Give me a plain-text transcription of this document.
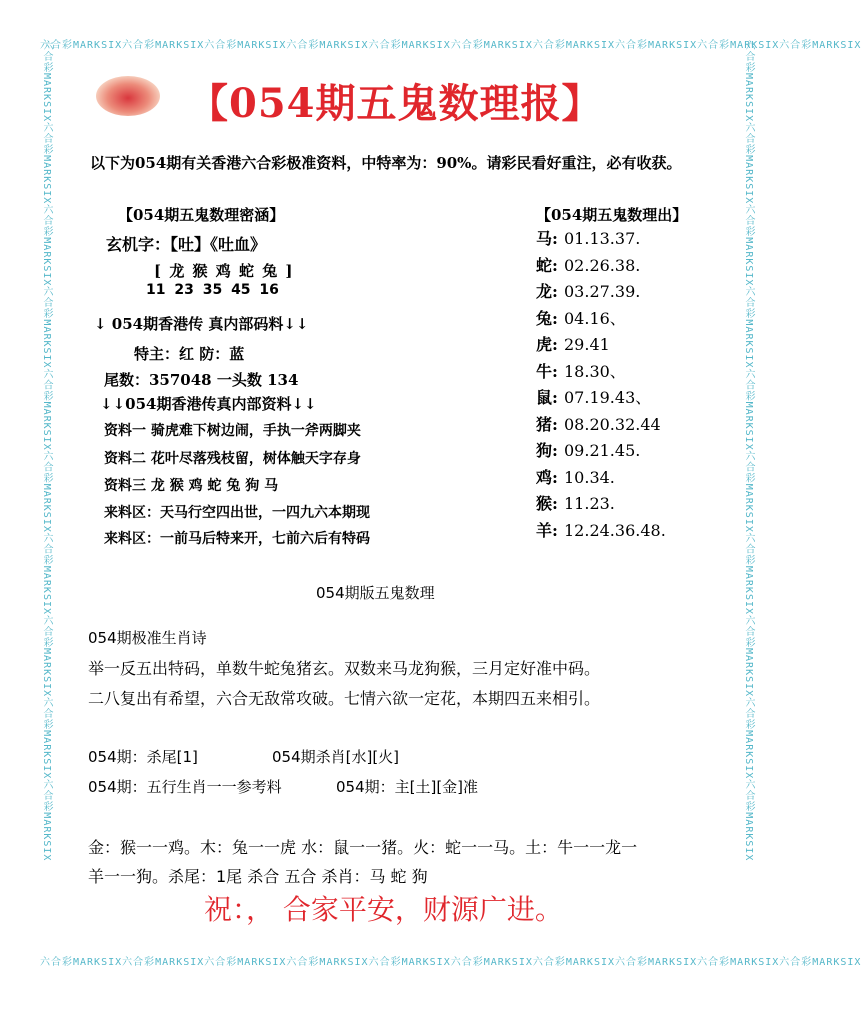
六合彩MARKSIX六合彩MARKSIX六合彩MARKSIX六合彩MARKSIX六合彩MARKSIX六合彩MARKSIX六合彩MARKSIX六合彩MARKSIX六合彩MARKSIX六合彩MARKSIX
六合彩MARKSIX六合彩MARKSIX六合彩MARKSIX六合彩MARKSIX六合彩MARKSIX六合彩MARKSIX六合彩MARKSIX六合彩MARKSIX六合彩MARKSIX六合彩MARKSIX
六合彩MARKSIX六合彩MARKSIX六合彩MARKSIX六合彩MARKSIX六合彩MARKSIX六合彩MARKSIX六合彩MARKSIX六合彩MARKSIX六合彩MARKSIX六合彩MARKSIX	六合彩MARKSIX六合彩MARKSIX六合彩MARKSIX六合彩MARKSIX六合彩MARKSIX六合彩MARKSIX六合彩MARKSIX六合彩MARKSIX六合彩MARKSIX六合彩MARKSIX
【054期五鬼数理报】
以下为054期有关香港六合彩极准资料，中特率为：90%。请彩民看好重注，必有收获。
【054期五鬼数理密涵】
玄机字：【吐】《吐血》
[ 龙 猴 鸡 蛇 兔 ]
11 23 35 45 16
↓ 054期香港传 真内部码料↓↓
特主：红 防：蓝
尾数：357048 一头数 134
↓↓054期香港传真内部资料↓↓
资料一 骑虎难下树边闹，手执一斧两脚夹
资料二 花叶尽落残枝留，树体触天字存身
资料三 龙 猴 鸡 蛇 兔 狗 马
来料区：天马行空四出世，一四九六本期现
来料区：一前马后特来开，七前六后有特码
【054期五鬼数理出】
马: 01.13.37.
蛇: 02.26.38.
龙: 03.27.39.
兔: 04.16、
虎: 29.41
牛: 18.30、
鼠: 07.19.43、
猪: 08.20.32.44
狗: 09.21.45.
鸡: 10.34.
猴: 11.23.
羊: 12.24.36.48.
054期版五鬼数理
054期极准生肖诗
举一反五出特码，单数牛蛇兔猪玄。双数来马龙狗猴，三月定好准中码。
二八复出有希望，六合无敌常攻破。七情六欲一定花，本期四五来相引。
054期：杀尾[1]	054期杀肖[水][火]
054期：五行生肖一一参考料	054期：主[土][金]准
金：猴一一鸡。木：兔一一虎 水：鼠一一猪。火：蛇一一马。土：牛一一龙一
羊一一狗。杀尾：1尾 杀合 五合 杀肖：马 蛇 狗
祝：， 合家平安，财源广进。
